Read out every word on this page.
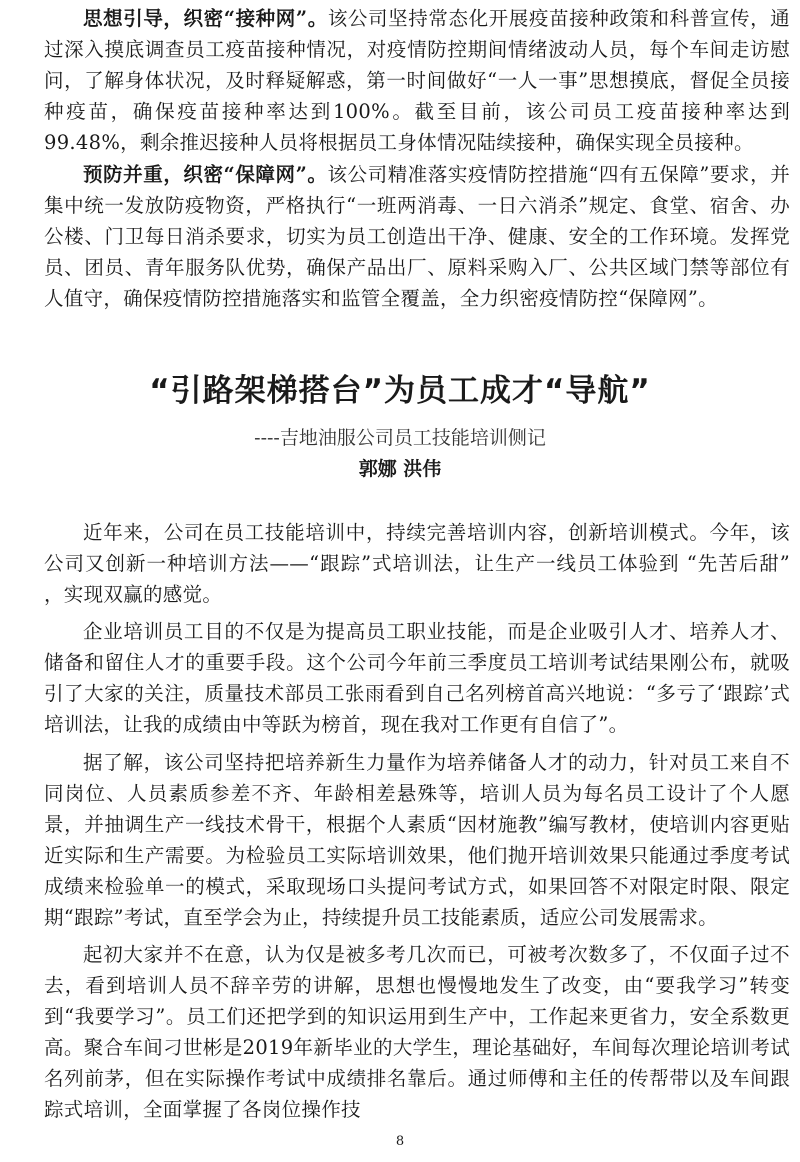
思想引导，织密“接种网”。该公司坚持常态化开展疫苗接种政策和科普宣传，通过深入摸底调查员工疫苗接种情况，对疫情防控期间情绪波动人员，每个车间走访慰问，了解身体状况，及时释疑解惑，第一时间做好“一人一事”思想摸底，督促全员接种疫苗，确保疫苗接种率达到100%。截至目前，该公司员工疫苗接种率达到99.48%，剩余推迟接种人员将根据员工身体情况陆续接种，确保实现全员接种。

预防并重，织密“保障网”。该公司精准落实疫情防控措施“四有五保障”要求，并集中统一发放防疫物资，严格执行“一班两消毒、一日六消杀”规定、食堂、宿舍、办公楼、门卫每日消杀要求，切实为员工创造出干净、健康、安全的工作环境。发挥党员、团员、青年服务队优势，确保产品出厂、原料采购入厂、公共区域门禁等部位有人值守，确保疫情防控措施落实和监管全覆盖，全力织密疫情防控“保障网”。

“引路架梯搭台”为员工成才“导航”

----吉地油服公司员工技能培训侧记

郭娜 洪伟

近年来，公司在员工技能培训中，持续完善培训内容，创新培训模式。今年，该公司又创新一种培训方法——“跟踪”式培训法，让生产一线员工体验到 “先苦后甜” ，实现双赢的感觉。

企业培训员工目的不仅是为提高员工职业技能，而是企业吸引人才、培养人才、储备和留住人才的重要手段。这个公司今年前三季度员工培训考试结果刚公布，就吸引了大家的关注，质量技术部员工张雨看到自己名列榜首高兴地说：“多亏了‘跟踪’式培训法，让我的成绩由中等跃为榜首，现在我对工作更有自信了”。

据了解，该公司坚持把培养新生力量作为培养储备人才的动力，针对员工来自不同岗位、人员素质参差不齐、年龄相差悬殊等，培训人员为每名员工设计了个人愿景，并抽调生产一线技术骨干，根据个人素质“因材施教”编写教材，使培训内容更贴近实际和生产需要。为检验员工实际培训效果，他们抛开培训效果只能通过季度考试成绩来检验单一的模式，采取现场口头提问考试方式，如果回答不对限定时限、限定期“跟踪”考试，直至学会为止，持续提升员工技能素质，适应公司发展需求。

起初大家并不在意，认为仅是被多考几次而已，可被考次数多了，不仅面子过不去，看到培训人员不辞辛劳的讲解，思想也慢慢地发生了改变，由“要我学习”转变到“我要学习”。员工们还把学到的知识运用到生产中，工作起来更省力，安全系数更高。聚合车间刁世彬是2019年新毕业的大学生，理论基础好，车间每次理论培训考试名列前茅，但在实际操作考试中成绩排名靠后。通过师傅和主任的传帮带以及车间跟踪式培训，全面掌握了各岗位操作技

8
